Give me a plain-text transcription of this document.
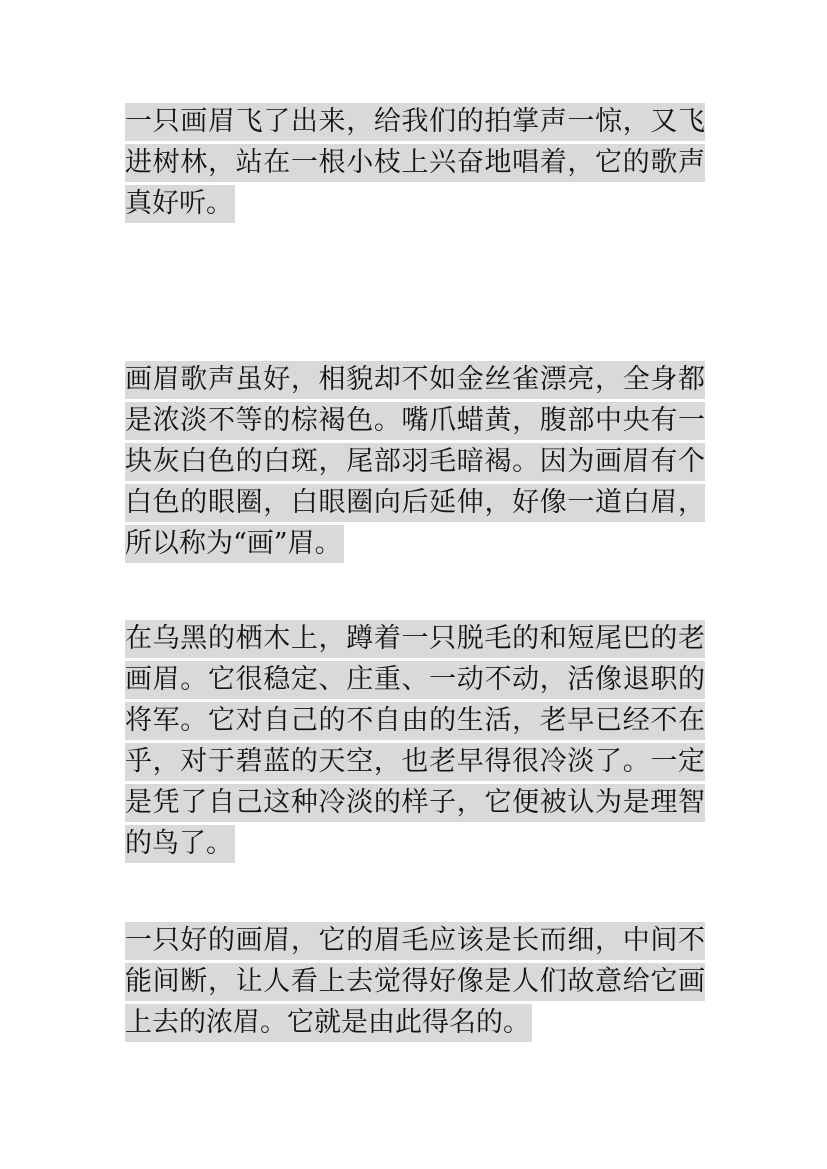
一只画眉飞了出来，给我们的拍掌声一惊，又飞
进树林，站在一根小枝上兴奋地唱着，它的歌声
真好听。
画眉歌声虽好，相貌却不如金丝雀漂亮，全身都
是浓淡不等的棕褐色。嘴爪蜡黄，腹部中央有一
块灰白色的白斑，尾部羽毛暗褐。因为画眉有个
白色的眼圈，白眼圈向后延伸，好像一道白眉，
所以称为“画”眉。
在乌黑的栖木上，蹲着一只脱毛的和短尾巴的老
画眉。它很稳定、庄重、一动不动，活像退职的
将军。它对自己的不自由的生活，老早已经不在
乎，对于碧蓝的天空，也老早得很冷淡了。一定
是凭了自己这种冷淡的样子，它便被认为是理智
的鸟了。
一只好的画眉，它的眉毛应该是长而细，中间不
能间断，让人看上去觉得好像是人们故意给它画
上去的浓眉。它就是由此得名的。
